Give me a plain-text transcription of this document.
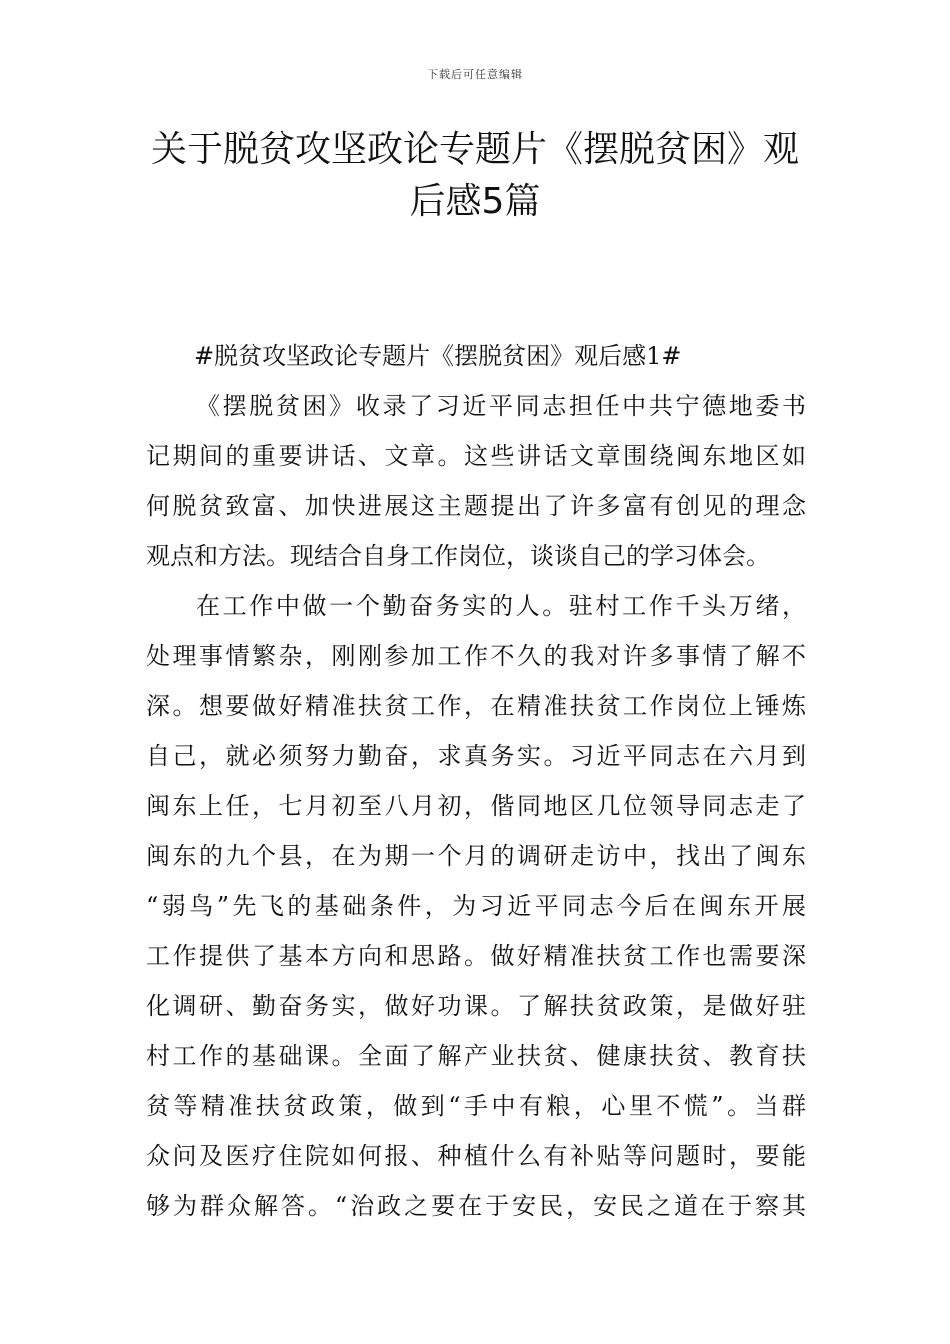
下载后可任意编辑
关于脱贫攻坚政论专题片《摆脱贫困》观
后感5篇

#脱贫攻坚政论专题片《摆脱贫困》观后感1#

《摆脱贫困》收录了习近平同志担任中共宁德地委书
记期间的重要讲话、文章。这些讲话文章围绕闽东地区如
何脱贫致富、加快进展这主题提出了许多富有创见的理念
观点和方法。现结合自身工作岗位，谈谈自己的学习体会。

在工作中做一个勤奋务实的人。驻村工作千头万绪，
处理事情繁杂，刚刚参加工作不久的我对许多事情了解不
深。想要做好精准扶贫工作，在精准扶贫工作岗位上锤炼
自己，就必须努力勤奋，求真务实。习近平同志在六月到
闽东上任，七月初至八月初，偕同地区几位领导同志走了
闽东的九个县，在为期一个月的调研走访中，找出了闽东
“弱鸟”先飞的基础条件，为习近平同志今后在闽东开展
工作提供了基本方向和思路。做好精准扶贫工作也需要深
化调研、勤奋务实，做好功课。了解扶贫政策，是做好驻
村工作的基础课。全面了解产业扶贫、健康扶贫、教育扶
贫等精准扶贫政策，做到“手中有粮，心里不慌”。当群
众问及医疗住院如何报、种植什么有补贴等问题时，要能
够为群众解答。“治政之要在于安民，安民之道在于察其
